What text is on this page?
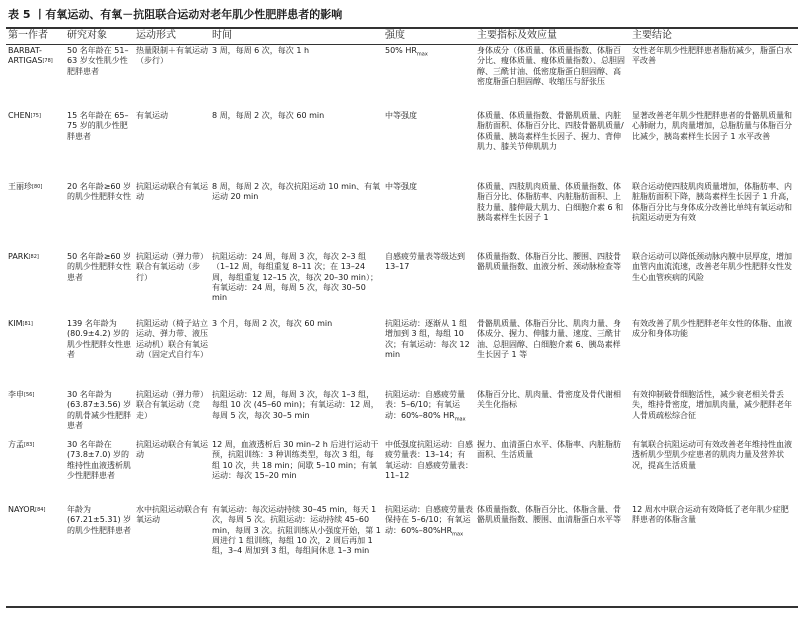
表 5 丨有氧运动、有氧－抗阻联合运动对老年肌少性肥胖患者的影响
第一作者	研究对象	运动形式	时间	强度	主要指标及效应量	主要结论
BARBAT-ARTIGAS[78]	50 名年龄在 51–63 岁女性肌少性肥胖患者	热量限制＋有氧运动（步行）	3 周，每周 6 次，每次 1 h	50% $HR_{max}$	身体成分（体质量、体质量指数、体脂百分比、瘦体质量、瘦体质量指数）、总胆固醇、三酰甘油、低密度脂蛋白胆固醇、高密度脂蛋白胆固醇、收缩压与舒张压	女性老年肌少性肥胖患者脂肪减少，脂蛋白水平改善
CHEN[75]	15 名年龄在 65–75 岁的肌少性肥胖患者	有氧运动	8 周，每周 2 次，每次 60 min	中等强度	体质量、体质量指数、骨骼肌质量、内脏脂肪面积、体脂百分比、四肢骨骼肌质量/体质量、胰岛素样生长因子、握力、背伸肌力、膝关节伸肌肌力	显著改善老年肌少性肥胖患者的骨骼肌质量和心肺耐力，肌肉量增加，总脂肪量与体脂百分比减少，胰岛素样生长因子 1 水平改善
王丽珍[80]	20 名年龄≥60 岁的肌少性肥胖女性	抗阻运动联合有氧运动	8 周，每周 2 次，每次抗阻运动 10 min、有氧运动 20 min	中等强度	体质量、四肢肌肉质量、体质量指数、体脂百分比、体脂肪率、内脏脂肪面积、上肢力量、膝伸最大肌力、白细胞介素 6 和胰岛素样生长因子 1	联合运动使四肢肌肉质量增加，体脂肪率、内脏脂肪面积下降，胰岛素样生长因子 1 升高，体脂百分比与身体成分改善比单纯有氧运动和抗阻运动更为有效
PARK[82]	50 名年龄≥60 岁的肌少性肥胖女性患者	抗阻运动（弹力带）联合有氧运动（步行）	抗阻运动：24 周，每周 3 次，每次 2–3 组（1–12 周，每组重复 8–11 次；在 13–24 周，每组重复 12–15 次，每次 20–30 min）；有氧运动：24 周，每周 5 次，每次 30–50 min	自感疲劳量表等级达到 13–17	体质量指数、体脂百分比、腰围、四肢骨骼肌质量指数、血液分析、颈动脉检查等	联合运动可以降低颈动脉内膜中层厚度，增加血管内血流流速，改善老年肌少性肥胖女性发生心血管疾病的风险
KIM[81]	139 名年龄为 (80.9±4.2) 岁的肌少性肥胖女性患者	抗阻运动（椅子站立运动、弹力带、液压运动机）联合有氧运动（固定式自行车）	3 个月，每周 2 次，每次 60 min	抗阻运动：逐渐从 1 组增加到 3 组，每组 10 次；有氧运动：每次 12 min	骨骼肌质量、体脂百分比、肌肉力量、身体成分、握力、伸膝力量、速度、三酰甘油、总胆固醇、白细胞介素 6、胰岛素样生长因子 1 等	有效改善了肌少性肥胖老年女性的体脂、血液成分和身体功能
李申[56]	30 名年龄为 (63.87±3.56) 岁的肌骨减少性肥胖患者	抗阻运动（弹力带）联合有氧运动（竞走）	抗阻运动：12 周，每周 3 次，每次 1–3 组，每组 10 次 (45–60 min)；有氧运动：12 周，每周 5 次，每次 30–5 min	抗阻运动：自感疲劳量表：5–6/10；有氧运动：60%–80% $HR_{max}$	体脂百分比、肌肉量、骨密度及骨代谢相关生化指标	有效抑制破骨细胞活性，减少衰老相关骨丢失，维持骨密度，增加肌肉量，减少肥胖老年人骨质疏松综合征
方孟[83]	30 名年龄在 (73.8±7.0) 岁的维持性血液透析肌少性肥胖患者	抗阻运动联合有氧运动	12 周，血液透析后 30 min–2 h 后进行运动干预，抗阻训练：3 种训练类型，每次 3 组，每组 10 次，共 18 min；间歇 5–10 min；有氧运动：每次 15–20 min	中低强度抗阻运动：自感疲劳量表：13–14；有氧运动：自感疲劳量表：11–12	握力、血清蛋白水平、体脂率、内脏脂肪面积、生活质量	有氧联合抗阻运动可有效改善老年维持性血液透析肌少型肌少症患者的肌肉力量及营养状况，提高生活质量
NAYOR[84]	年龄为 (67.21±5.31) 岁的肌少性肥胖患者	水中抗阻运动联合有氧运动	有氧运动：每次运动持续 30–45 min，每天 1 次，每周 5 次。抗阻运动：运动持续 45–60 min，每周 3 次。抗阻训练从小强度开始，第 1 周进行 1 组训练，每组 10 次，2 周后再加 1 组，3–4 周加到 3 组，每组间休息 1–3 min	抗阻运动：自感疲劳量表保持在 5–6/10；有氧运动：$60\%-80\%HR_{max}$	体质量指数、体脂百分比、体脂含量、骨骼肌质量指数、腰围、血清脂蛋白水平等	12 周水中联合运动有效降低了老年肌少症肥胖患者的体脂含量
